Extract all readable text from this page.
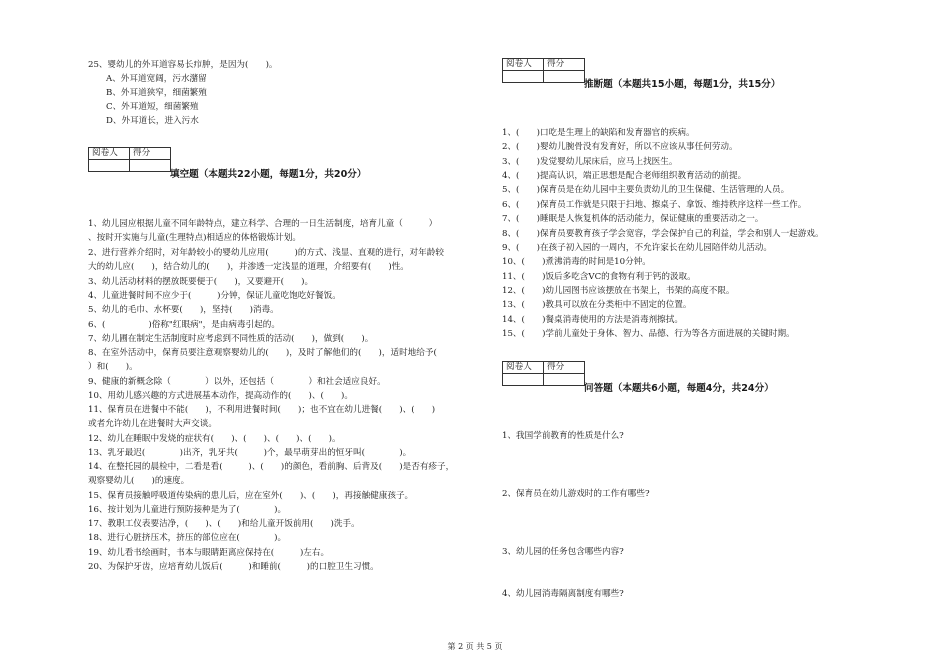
25、婴幼儿的外耳道容易长疖肿，是因为(　　)。
A、外耳道宽阔，污水潴留
B、外耳道狭窄，细菌繁殖
C、外耳道短，细菌繁殖
D、外耳道长，进入污水
阅卷人	得分

填空题（本题共22小题，每题1分，共20分）
1、幼儿园应根据儿童不同年龄特点，建立科学、合理的一日生活制度，培育儿童（　　　）
、按时开实施与儿童(生理特点)相适应的体格锻炼计划。
2、进行营养介绍时，对年龄较小的婴幼儿应用(　　　)的方式、浅显、直观的进行，对年龄较
大的幼儿应(　　)，结合幼儿的(　　)，并渗透一定浅显的道理，介绍要有(　　)性。
3、幼儿活动材料的摆放既要便于(　　)，又要避开(　　)。
4、儿童进餐时间不应少于(　　　)分钟，保证儿童吃饱吃好餐饭。
5、幼儿的毛巾、水杯要(　　)，坚持(　　)消毒。
6、(　　　　　)俗称"红眼病"，是由病毒引起的。
7、幼儿圃在制定生活制度时应考虑到不同性质的活动(　　)，做到(　　)。
8、在室外活动中，保育员要注意观察婴幼儿的(　　)，及时了解他们的(　　)，适时地给予(　　
）和(　　)。
9、健康的新概念除（　　　　）以外，还包括（　　　　）和社会适应良好。
10、用幼儿感兴趣的方式进展基本动作，提高动作的(　　)、(　　)。
11、保育员在进餐中不能(　　)，不利用进餐时间(　　)；也不宜在幼儿进餐(　　)、(　　)
或者允许幼儿在进餐时大声交谈。
12、幼儿在睡眠中发烧的症状有(　　)、(　　)、(　　)、(　　)。
13、乳牙最迟(　　　　)出齐，乳牙共(　　　)个，最早萌芽出的恒牙叫(　　　　)。
14、在整托园的晨检中，二看是看(　　　)、(　　)的颜色，看前胸、后背及(　　)是否有疹子，
观察婴幼儿(　　)的速度。
15、保育员接触呼吸道传染病的患儿后，应在室外(　　)、(　　)，再接触健康孩子。
16、按计划为儿童进行预防接种是为了(　　　　)。
17、教职工仪表要洁净，(　　)、(　　)和给儿童开饭前用(　　)洗手。
18、进行心脏挤压术，挤压的部位应在(　　　　)。
19、幼儿看书绘画时，书本与眼睛距离应保持在(　　　)左右。
20、为保护牙齿，应培育幼儿饭后(　　　)和睡前(　　　)的口腔卫生习惯。
阅卷人	得分

推断题（本题共15小题，每题1分，共15分）
1、(　　)口吃是生理上的缺陷和发育器官的疾病。
2、(　　)婴幼儿腕骨没有发育好，所以不应该从事任何劳动。
3、(　　)发觉婴幼儿尿床后，应马上找医生。
4、(　　)提高认识，端正思想是配合老师组织教育活动的前提。
5、(　　)保育员是在幼儿园中主要负责幼儿的卫生保健、生活管理的人员。
6、(　　)保育员工作就是只限于扫地、擦桌子、拿饭、维持秩序这样一些工作。
7、(　　)睡眠是人恢复机体的活动能力，保证健康的重要活动之一。
8、(　　)保育员要教育孩子学会宽容，学会保护自己的利益，学会和别人一起游戏。
9、(　　)在孩子初入园的一周内，不允许家长在幼儿园陪伴幼儿活动。
10、(　　)煮沸消毒的时间是10分钟。
11、(　　)饭后多吃含VC的食物有利于钙的汲取。
12、(　　)幼儿园图书应该摆放在书架上，书架的高度不限。
13、(　　)教具可以放在分类柜中不固定的位置。
14、(　　)餐桌消毒使用的方法是消毒剂擦拭。
15、(　　)学前儿童处于身体、智力、品德、行为等各方面进展的关键时期。
阅卷人	得分

问答题（本题共6小题，每题4分，共24分）
1、我国学前教育的性质是什么?
2、保育员在幼儿游戏时的工作有哪些?
3、幼儿园的任务包含哪些内容?
4、幼儿园消毒隔离制度有哪些?
第 2 页 共 5 页
